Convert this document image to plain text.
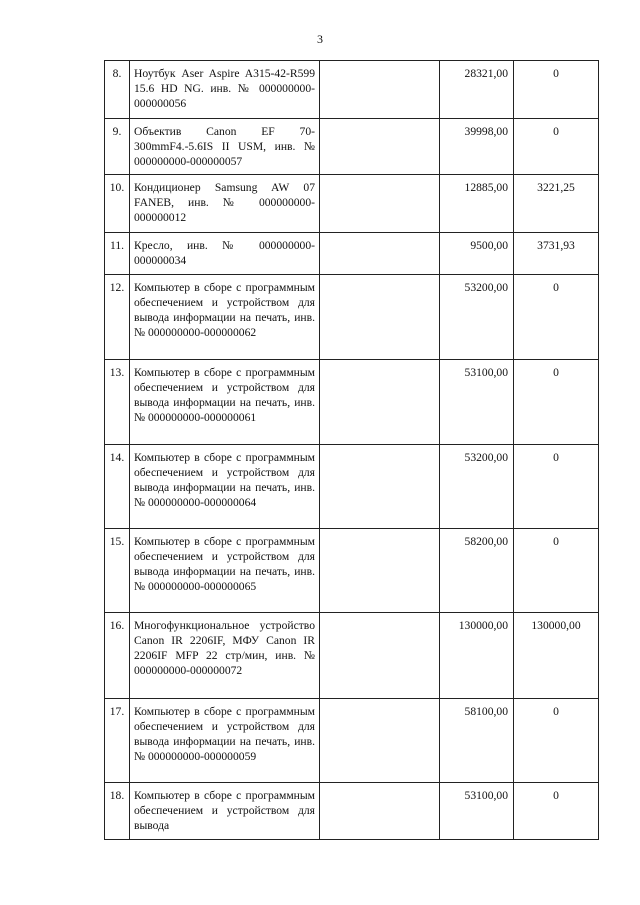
3
8.	Ноутбук Aser Aspire A315-42-R599 15.6 HD NG. инв. № 000000000-000000056		28321,00	0

9.	Объектив Canon EF 70-300mmF4.-5.6IS II USM, инв. № 000000000-000000057		39998,00	0

10.	Кондиционер Samsung AW 07 FANEB, инв. № 000000000-000000012		12885,00	3221,25

11.	Кресло, инв. № 000000000-000000034		9500,00	3731,93

12.	Компьютер в сборе с программным обеспечением и устройством для вывода информации на печать, инв. № 000000000-000000062		53200,00	0

13.	Компьютер в сборе с программным обеспечением и устройством для вывода информации на печать, инв. № 000000000-000000061		53100,00	0

14.	Компьютер в сборе с программным обеспечением и устройством для вывода информации на печать, инв. № 000000000-000000064		53200,00	0

15.	Компьютер в сборе с программным обеспечением и устройством для вывода информации на печать, инв. № 000000000-000000065		58200,00	0

16.	Многофункциональное устройство Canon IR 2206IF, МФУ Canon IR 2206IF MFP 22 стр/мин, инв. № 000000000-000000072		130000,00	130000,00

17.	Компьютер в сборе с программным обеспечением и устройством для вывода информации на печать, инв. № 000000000-000000059		58100,00	0

18.	Компьютер в сборе с программным обеспечением и устройством для вывода		53100,00	0
